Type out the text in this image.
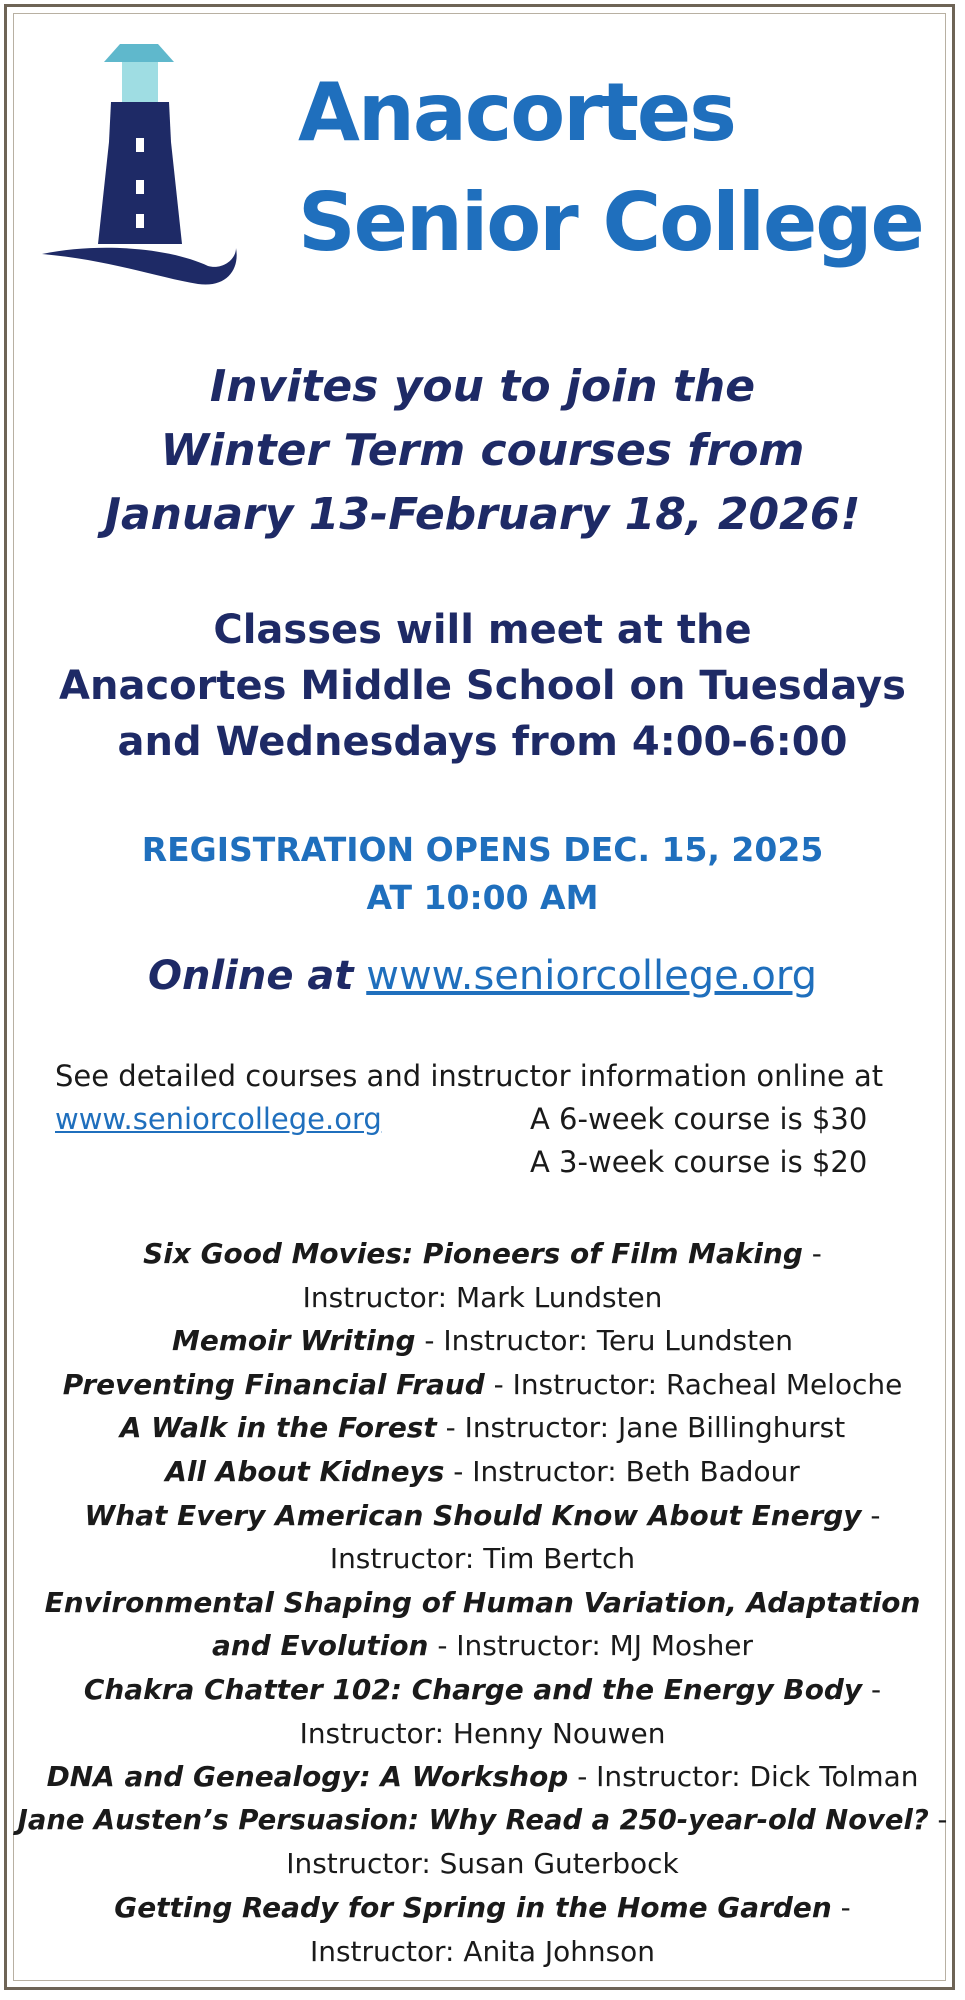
Anacortes
Senior College
Invites you to join the
Winter Term courses from
January 13-February 18, 2026!
Classes will meet at the
Anacortes Middle School on Tuesdays
and Wednesdays from 4:00-6:00
REGISTRATION OPENS DEC. 15, 2025
AT 10:00 AM
Online at www.seniorcollege.org
See detailed courses and instructor information online at
www.seniorcollege.org	A 6-week course is $30
A 3-week course is $20
Six Good Movies: Pioneers of Film Making -
Instructor: Mark Lundsten
Memoir Writing - Instructor: Teru Lundsten
Preventing Financial Fraud - Instructor: Racheal Meloche
A Walk in the Forest - Instructor: Jane Billinghurst
All About Kidneys - Instructor: Beth Badour
What Every American Should Know About Energy -
Instructor: Tim Bertch
Environmental Shaping of Human Variation, Adaptation
and Evolution - Instructor: MJ Mosher
Chakra Chatter 102: Charge and the Energy Body -
Instructor: Henny Nouwen
DNA and Genealogy: A Workshop - Instructor: Dick Tolman
Jane Austen’s Persuasion: Why Read a 250-year-old Novel? -
Instructor: Susan Guterbock
Getting Ready for Spring in the Home Garden -
Instructor: Anita Johnson
